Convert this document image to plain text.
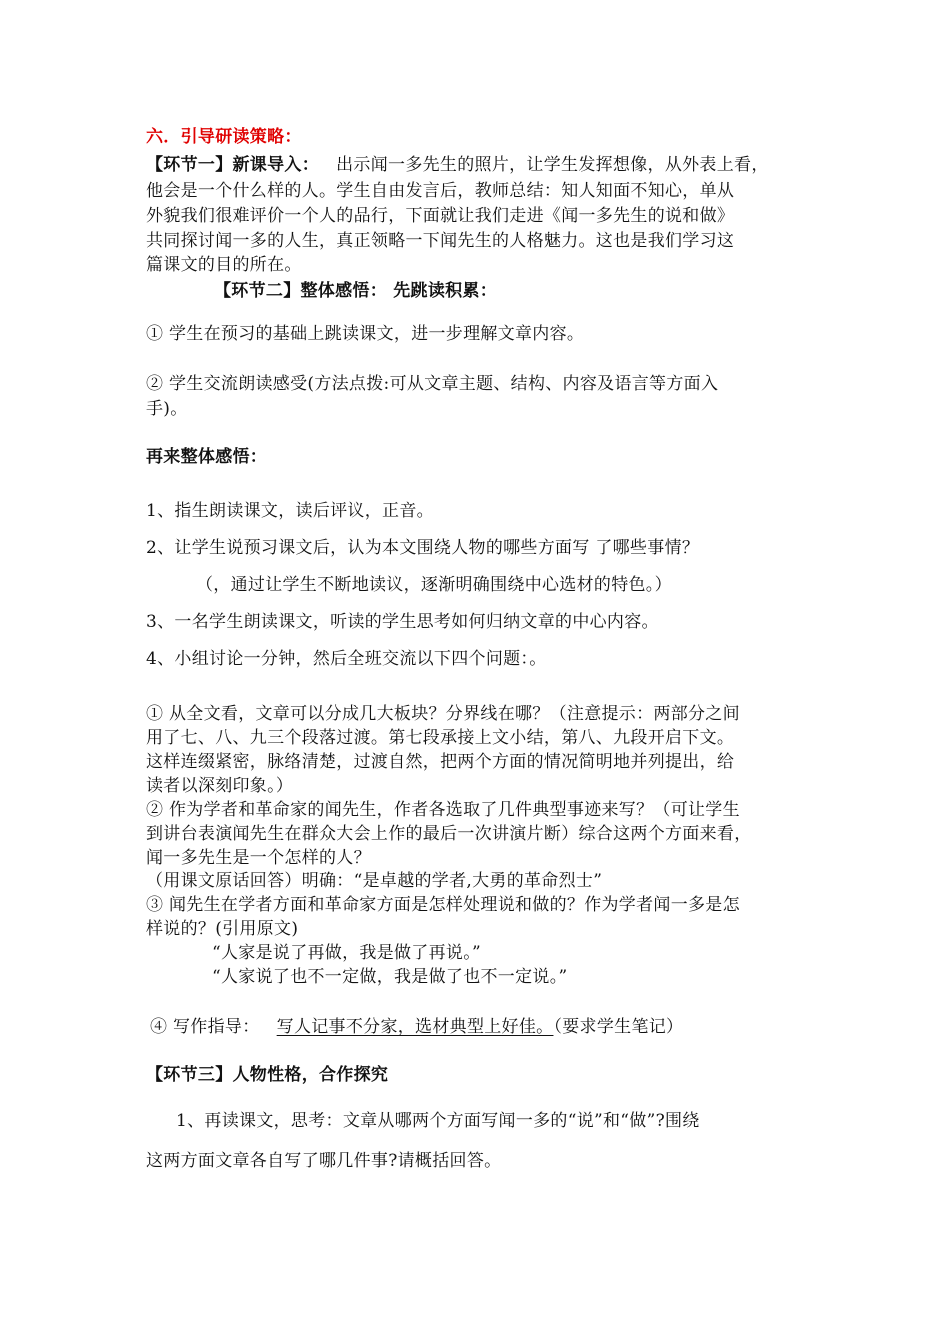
六．引导研读策略：
【环节一】新课导入： 出示闻一多先生的照片，让学生发挥想像，从外表上看，
他会是一个什么样的人。学生自由发言后，教师总结：知人知面不知心，单从
外貌我们很难评价一个人的品行，下面就让我们走进《闻一多先生的说和做》
共同探讨闻一多的人生，真正领略一下闻先生的人格魅力。这也是我们学习这
篇课文的目的所在。
【环节二】整体感悟： 先跳读积累：
① 学生在预习的基础上跳读课文，进一步理解文章内容。
② 学生交流朗读感受(方法点拨:可从文章主题、结构、内容及语言等方面入
手)。
再来整体感悟：
1、指生朗读课文，读后评议，正音。
2、让学生说预习课文后，认为本文围绕人物的哪些方面写 了哪些事情？
（，通过让学生不断地读议，逐渐明确围绕中心选材的特色。）
3、一名学生朗读课文，听读的学生思考如何归纳文章的中心内容。
4、小组讨论一分钟，然后全班交流以下四个问题：。
① 从全文看，文章可以分成几大板块？分界线在哪？（注意提示：两部分之间
用了七、八、九三个段落过渡。第七段承接上文小结，第八、九段开启下文。
这样连缀紧密，脉络清楚，过渡自然，把两个方面的情况简明地并列提出，给
读者以深刻印象。）
② 作为学者和革命家的闻先生，作者各选取了几件典型事迹来写？（可让学生
到讲台表演闻先生在群众大会上作的最后一次讲演片断）综合这两个方面来看，
闻一多先生是一个怎样的人？
（用课文原话回答）明确：“是卓越的学者,大勇的革命烈士”
③ 闻先生在学者方面和革命家方面是怎样处理说和做的？作为学者闻一多是怎
样说的？(引用原文)
“人家是说了再做，我是做了再说。”
“人家说了也不一定做，我是做了也不一定说。”
④ 写作指导： 写人记事不分家，选材典型上好佳。（要求学生笔记）
【环节三】人物性格，合作探究
1、再读课文，思考：文章从哪两个方面写闻一多的“说”和“做”?围绕
这两方面文章各自写了哪几件事?请概括回答。
